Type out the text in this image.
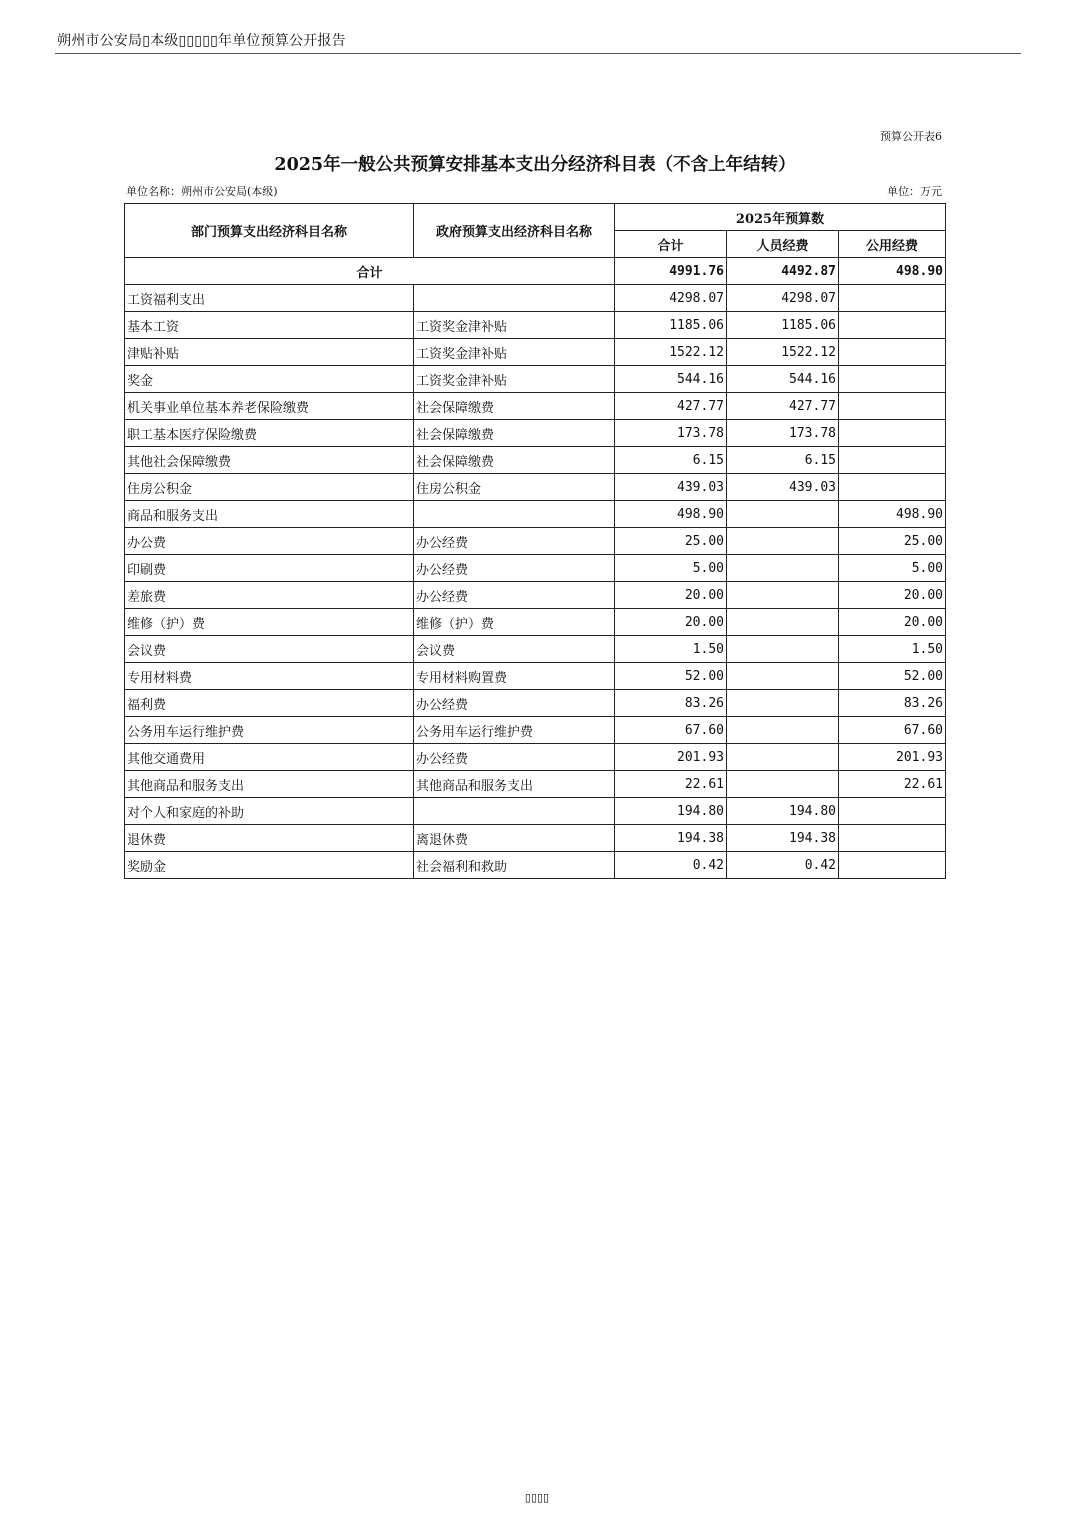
朔州市公安局▯本级▯▯▯▯▯年单位预算公开报告
预算公开表6
2025年一般公共预算安排基本支出分经济科目表（不含上年结转）
单位名称：朔州市公安局(本级)	单位：万元
部门预算支出经济科目名称	政府预算支出经济科目名称	2025年预算数		
		合计	人员经费	公用经费
合计		4991.76	4492.87	498.90
工资福利支出		4298.07	4298.07	
基本工资	工资奖金津补贴	1185.06	1185.06	
津贴补贴	工资奖金津补贴	1522.12	1522.12	
奖金	工资奖金津补贴	544.16	544.16	
机关事业单位基本养老保险缴费	社会保障缴费	427.77	427.77	
职工基本医疗保险缴费	社会保障缴费	173.78	173.78	
其他社会保障缴费	社会保障缴费	6.15	6.15	
住房公积金	住房公积金	439.03	439.03	
商品和服务支出		498.90		498.90
办公费	办公经费	25.00		25.00
印刷费	办公经费	5.00		5.00
差旅费	办公经费	20.00		20.00
维修（护）费	维修（护）费	20.00		20.00
会议费	会议费	1.50		1.50
专用材料费	专用材料购置费	52.00		52.00
福利费	办公经费	83.26		83.26
公务用车运行维护费	公务用车运行维护费	67.60		67.60
其他交通费用	办公经费	201.93		201.93
其他商品和服务支出	其他商品和服务支出	22.61		22.61
对个人和家庭的补助		194.80	194.80	
退休费	离退休费	194.38	194.38	
奖励金	社会福利和救助	0.42	0.42	
▯▯▯▯
